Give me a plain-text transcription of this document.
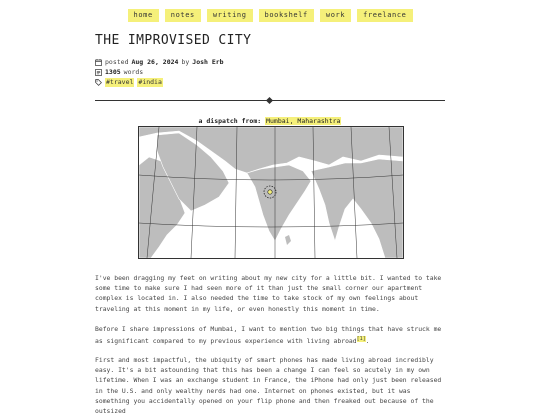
home	notes	writing	bookshelf	work	freelance
THE IMPROVISED CITY
posted Aug 26, 2024 by Josh Erb
1305 words
#travel #india
a dispatch from: Mumbai, Maharashtra

I've been dragging my feet on writing about my new city for a little bit. I wanted to take some time to make sure I had seen more of it than just the small corner our apartment complex is located in. I also needed the time to take stock of my own feelings about traveling at this moment in my life, or even honestly this moment in time.

Before I share impressions of Mumbai, I want to mention two big things that have struck me as significant compared to my previous experience with living abroad[1].

First and most impactful, the ubiquity of smart phones has made living abroad incredibly easy. It's a bit astounding that this has been a change I can feel so acutely in my own lifetime. When I was an exchange student in France, the iPhone had only just been released in the U.S. and only wealthy nerds had one. Internet on phones existed, but it was something you accidentally opened on your flip phone and then freaked out because of the outsized
